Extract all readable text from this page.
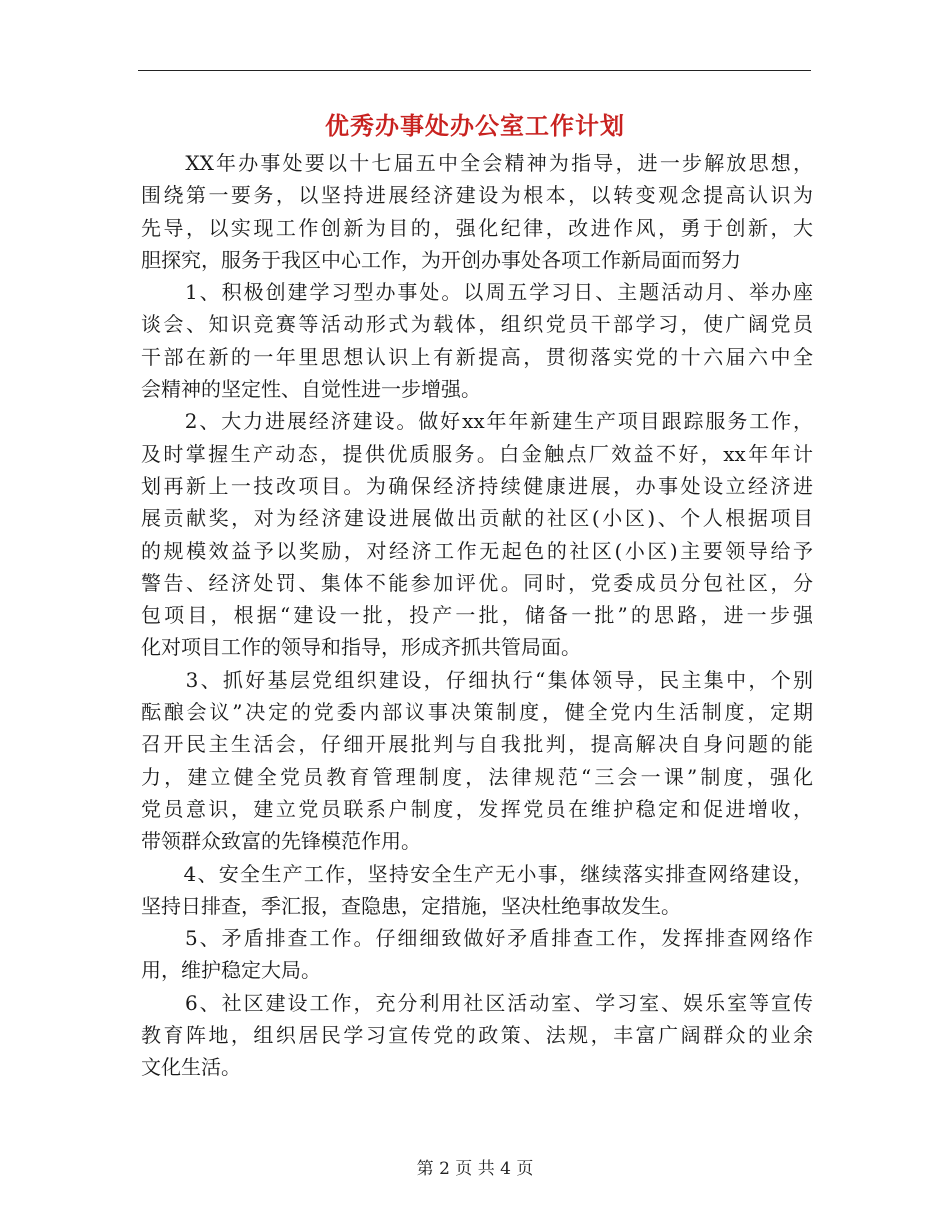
优秀办事处办公室工作计划

　　XX年办事处要以十七届五中全会精神为指导，进一步解放思想，
围绕第一要务，以坚持进展经济建设为根本，以转变观念提高认识为
先导，以实现工作创新为目的，强化纪律，改进作风，勇于创新，大
胆探究，服务于我区中心工作，为开创办事处各项工作新局面而努力

　　1、积极创建学习型办事处。以周五学习日、主题活动月、举办座
谈会、知识竞赛等活动形式为载体，组织党员干部学习，使广阔党员
干部在新的一年里思想认识上有新提高，贯彻落实党的十六届六中全
会精神的坚定性、自觉性进一步增强。

　　2、大力进展经济建设。做好xx年年新建生产项目跟踪服务工作，
及时掌握生产动态，提供优质服务。白金触点厂效益不好，xx年年计
划再新上一技改项目。为确保经济持续健康进展，办事处设立经济进
展贡献奖，对为经济建设进展做出贡献的社区(小区)、个人根据项目
的规模效益予以奖励，对经济工作无起色的社区(小区)主要领导给予
警告、经济处罚、集体不能参加评优。同时，党委成员分包社区，分
包项目，根据“建设一批，投产一批，储备一批”的思路，进一步强
化对项目工作的领导和指导，形成齐抓共管局面。

　　3、抓好基层党组织建设，仔细执行“集体领导，民主集中，个别
酝酿会议”决定的党委内部议事决策制度，健全党内生活制度，定期
召开民主生活会，仔细开展批判与自我批判，提高解决自身问题的能
力，建立健全党员教育管理制度，法律规范“三会一课”制度，强化
党员意识，建立党员联系户制度，发挥党员在维护稳定和促进增收，
带领群众致富的先锋模范作用。

　　4、安全生产工作，坚持安全生产无小事，继续落实排查网络建设，
坚持日排查，季汇报，查隐患，定措施，坚决杜绝事故发生。

　　5、矛盾排查工作。仔细细致做好矛盾排查工作，发挥排查网络作
用，维护稳定大局。

　　6、社区建设工作，充分利用社区活动室、学习室、娱乐室等宣传
教育阵地，组织居民学习宣传党的政策、法规，丰富广阔群众的业余
文化生活。

第 2 页 共 4 页
